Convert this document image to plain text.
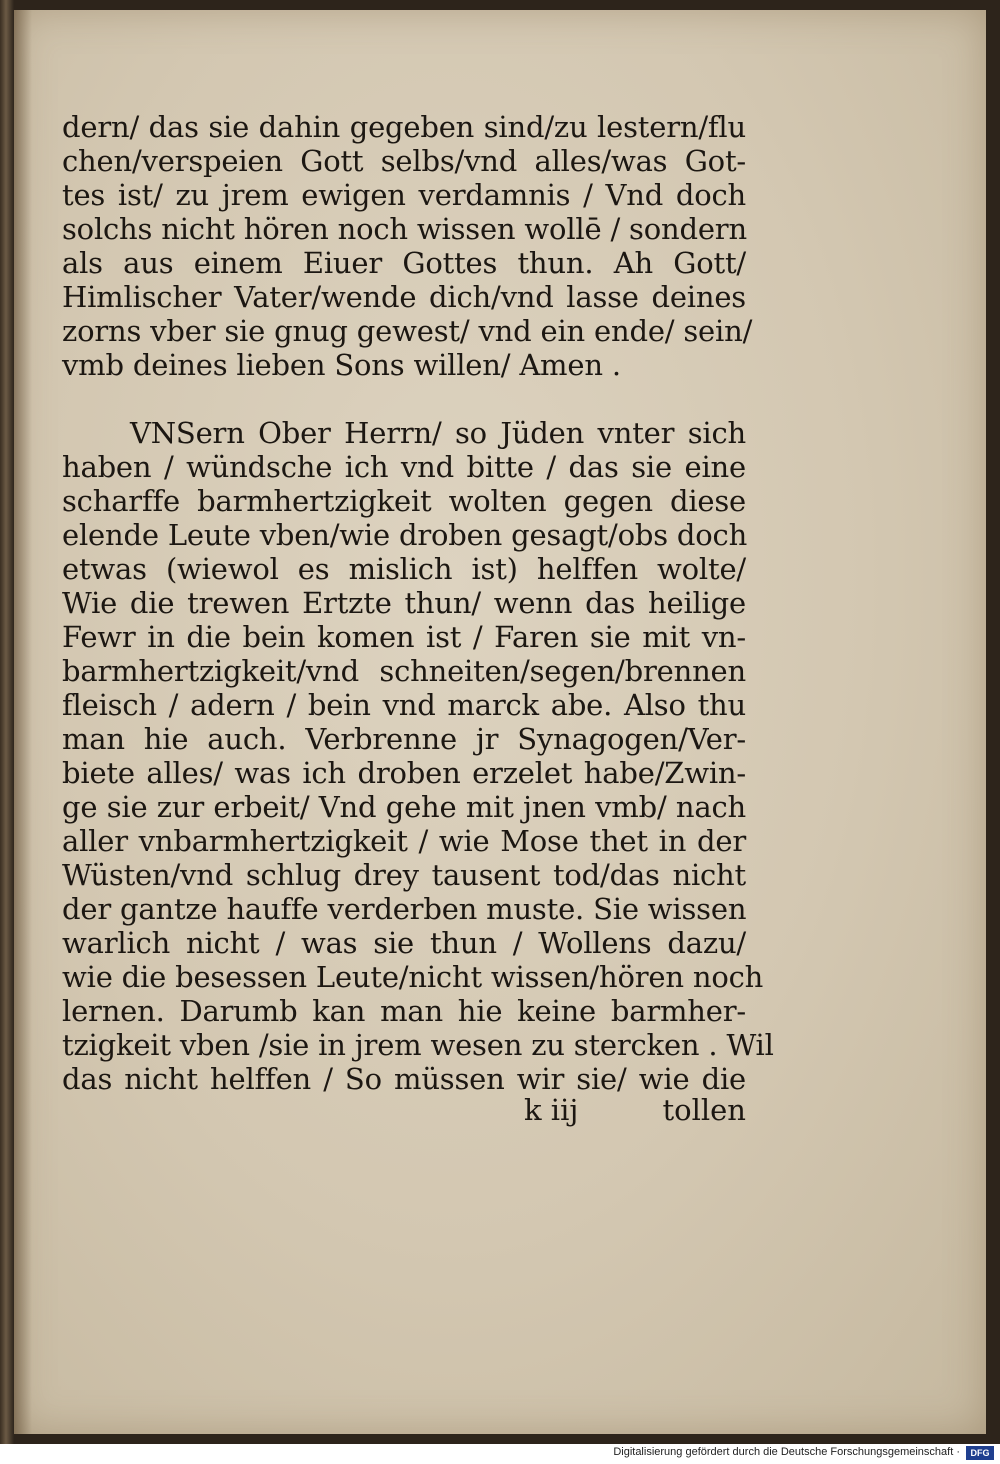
dern/ das sie dahin gegeben sind/zu lestern/flu
chen/verspeien Gott selbs/vnd alles/was Got-
tes ist/ zu jrem ewigen verdamnis / Vnd doch
solchs nicht hören noch wissen wollē / sondern
als aus einem Eiuer Gottes thun. Ah Gott/
Himlischer Vater/wende dich/vnd lasse deines
zorns vber sie gnug gewest/ vnd ein ende/ sein/
vmb deines lieben Sons willen/ Amen .
VNSern Ober Herrn/ so Jüden vnter sich
haben / wündsche ich vnd bitte / das sie eine
scharffe barmhertzigkeit wolten gegen diese
elende Leute vben/wie droben gesagt/obs doch
etwas (wiewol es mislich ist) helffen wolte/
Wie die trewen Ertzte thun/ wenn das heilige
Fewr in die bein komen ist / Faren sie mit vn-
barmhertzigkeit/vnd schneiten/segen/brennen
fleisch / adern / bein vnd marck abe. Also thu
man hie auch. Verbrenne jr Synagogen/Ver-
biete alles/ was ich droben erzelet habe/Zwin-
ge sie zur erbeit/ Vnd gehe mit jnen vmb/ nach
aller vnbarmhertzigkeit / wie Mose thet in der
Wüsten/vnd schlug drey tausent tod/das nicht
der gantze hauffe verderben muste. Sie wissen
warlich nicht / was sie thun / Wollens dazu/
wie die besessen Leute/nicht wissen/hören noch
lernen. Darumb kan man hie keine barmher-
tzigkeit vben /sie in jrem wesen zu stercken . Wil
das nicht helffen / So müssen wir sie/ wie die
k iij	tollen
Digitalisierung gefördert durch die Deutsche Forschungsgemeinschaft ·	DFG
